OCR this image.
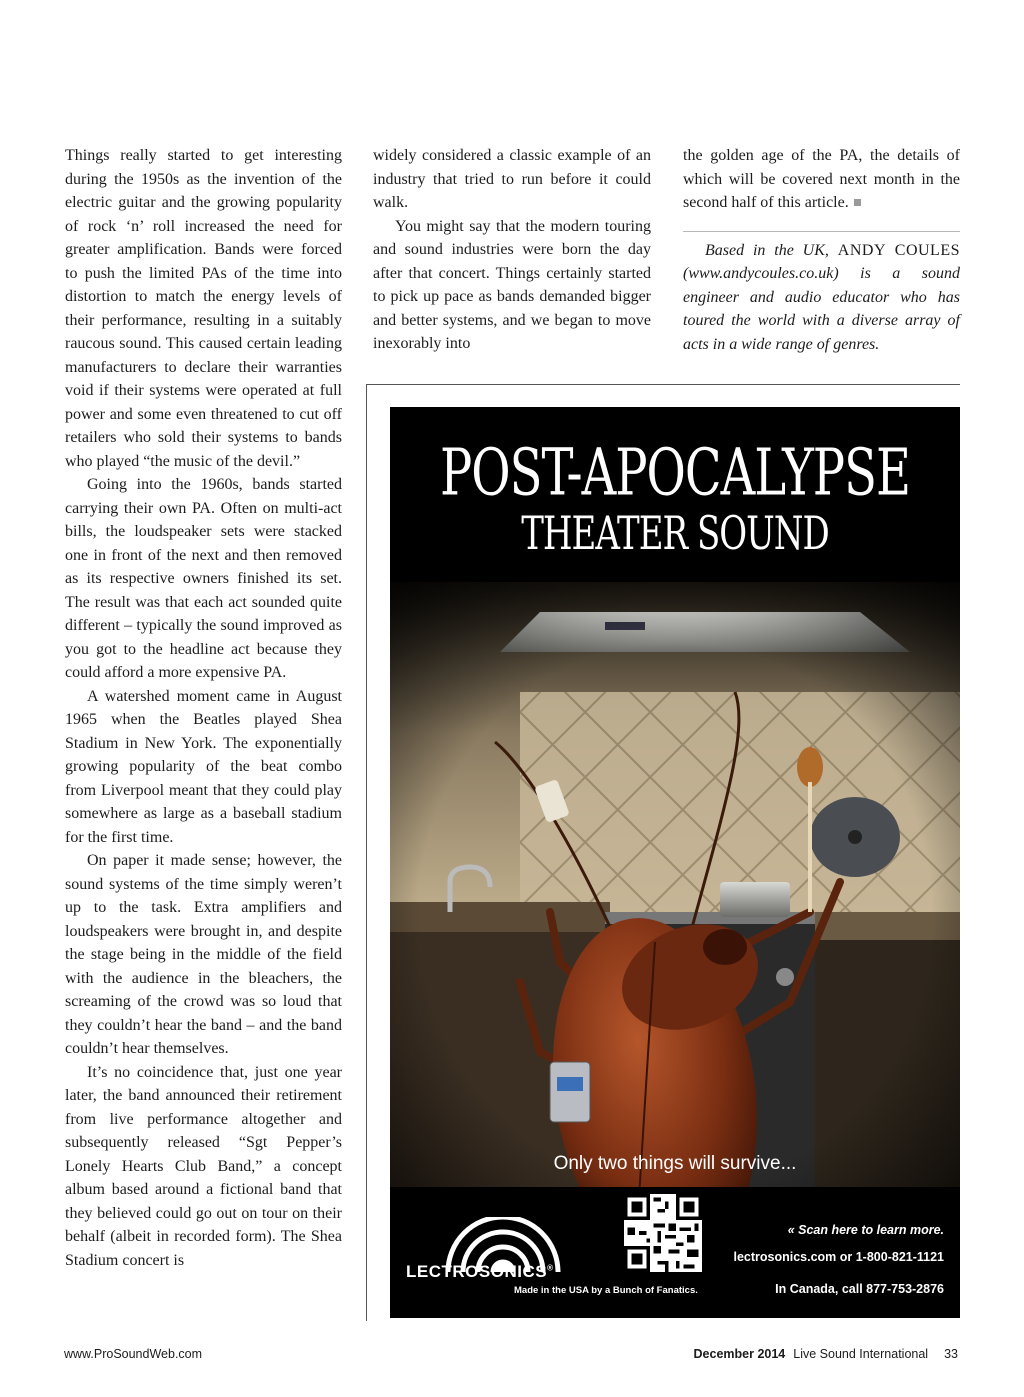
Things really started to get interesting during the 1950s as the invention of the electric guitar and the growing popularity of rock ‘n’ roll increased the need for greater amplification. Bands were forced to push the limited PAs of the time into distortion to match the energy levels of their performance, resulting in a suitably raucous sound. This caused certain leading manufacturers to declare their warranties void if their systems were operated at full power and some even threatened to cut off retailers who sold their systems to bands who played “the music of the devil.”

Going into the 1960s, bands started carrying their own PA. Often on multi-act bills, the loudspeaker sets were stacked one in front of the next and then removed as its respective owners finished its set. The result was that each act sounded quite different – typically the sound improved as you got to the headline act because they could afford a more expensive PA.

A watershed moment came in August 1965 when the Beatles played Shea Stadium in New York. The exponentially growing popularity of the beat combo from Liverpool meant that they could play somewhere as large as a baseball stadium for the first time.

On paper it made sense; however, the sound systems of the time simply weren’t up to the task. Extra amplifiers and loudspeakers were brought in, and despite the stage being in the middle of the field with the audience in the bleachers, the screaming of the crowd was so loud that they couldn’t hear the band – and the band couldn’t hear themselves.

It’s no coincidence that, just one year later, the band announced their retirement from live performance altogether and subsequently released “Sgt Pepper’s Lonely Hearts Club Band,” a concept album based around a fictional band that they believed could go out on tour on their behalf (albeit in recorded form). The Shea Stadium concert is

widely considered a classic example of an industry that tried to run before it could walk.

You might say that the modern touring and sound industries were born the day after that concert. Things certainly started to pick up pace as bands demanded bigger and better systems, and we began to move inexorably into

the golden age of the PA, the details of which will be covered next month in the second half of this article.

Based in the UK, ANDY COULES (www.andycoules.co.uk) is a sound engineer and audio educator who has toured the world with a diverse array of acts in a wide range of genres.

POST-APOCALYPSE
THEATER SOUND
Only two things will survive...
LECTROSONICS®
Made in the USA by a Bunch of Fanatics.
« Scan here to learn more.
lectrosonics.com or 1-800-821-1121
In Canada, call 877-753-2876
www.ProSoundWeb.com	December 2014 Live Sound International 33
